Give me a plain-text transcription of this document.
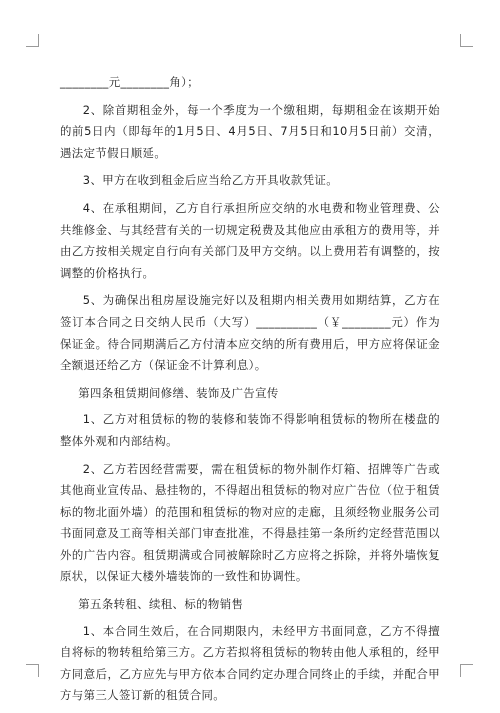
________元________角）；

2、除首期租金外，每一个季度为一个缴租期，每期租金在该期开始的前5日内（即每年的1月5日、4月5日、7月5日和10月5日前）交清，遇法定节假日顺延。

3、甲方在收到租金后应当给乙方开具收款凭证。

4、在承租期间，乙方自行承担所应交纳的水电费和物业管理费、公共维修金、与其经营有关的一切规定税费及其他应由承租方的费用等，并由乙方按相关规定自行向有关部门及甲方交纳。以上费用若有调整的，按调整的价格执行。

5、为确保出租房屋设施完好以及租期内相关费用如期结算，乙方在签订本合同之日交纳人民币（大写）__________（￥________元）作为保证金。待合同期满后乙方付清本应交纳的所有费用后，甲方应将保证金全额退还给乙方（保证金不计算利息）。

第四条租赁期间修缮、装饰及广告宣传

1、乙方对租赁标的物的装修和装饰不得影响租赁标的物所在楼盘的整体外观和内部结构。

2、乙方若因经营需要，需在租赁标的物外制作灯箱、招牌等广告或其他商业宣传品、悬挂物的，不得超出租赁标的物对应广告位（位于租赁标的物北面外墙）的范围和租赁标的物对应的走廊，且须经物业服务公司书面同意及工商等相关部门审查批准，不得悬挂第一条所约定经营范围以外的广告内容。租赁期满或合同被解除时乙方应将之拆除，并将外墙恢复原状，以保证大楼外墙装饰的一致性和协调性。

第五条转租、续租、标的物销售

1、本合同生效后，在合同期限内，未经甲方书面同意，乙方不得擅自将标的物转租给第三方。乙方若拟将租赁标的物转由他人承租的，经甲方同意后，乙方应先与甲方依本合同约定办理合同终止的手续，并配合甲方与第三人签订新的租赁合同。
